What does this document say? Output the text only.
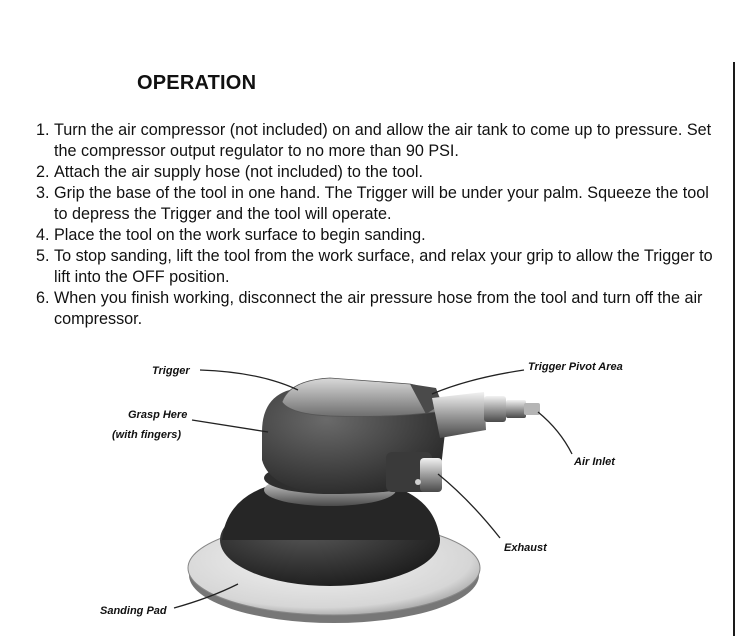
OPERATION
1. Turn the air compressor (not included) on and allow the air tank to come up to pressure. Set the compressor output regulator to no more than 90 PSI.
2. Attach the air supply hose (not included) to the tool.
3. Grip the base of the tool in one hand. The Trigger will be under your palm. Squeeze the tool to depress the Trigger and the tool will operate.
4. Place the tool on the work surface to begin sanding.
5. To stop sanding, lift the tool from the work surface, and relax your grip to allow the Trigger to lift into the OFF position.
6. When you finish working, disconnect the air pressure hose from the tool and turn off the air compressor.
Trigger	Trigger Pivot Area
Grasp Here
(with fingers)
Air Inlet
Exhaust
Sanding Pad
